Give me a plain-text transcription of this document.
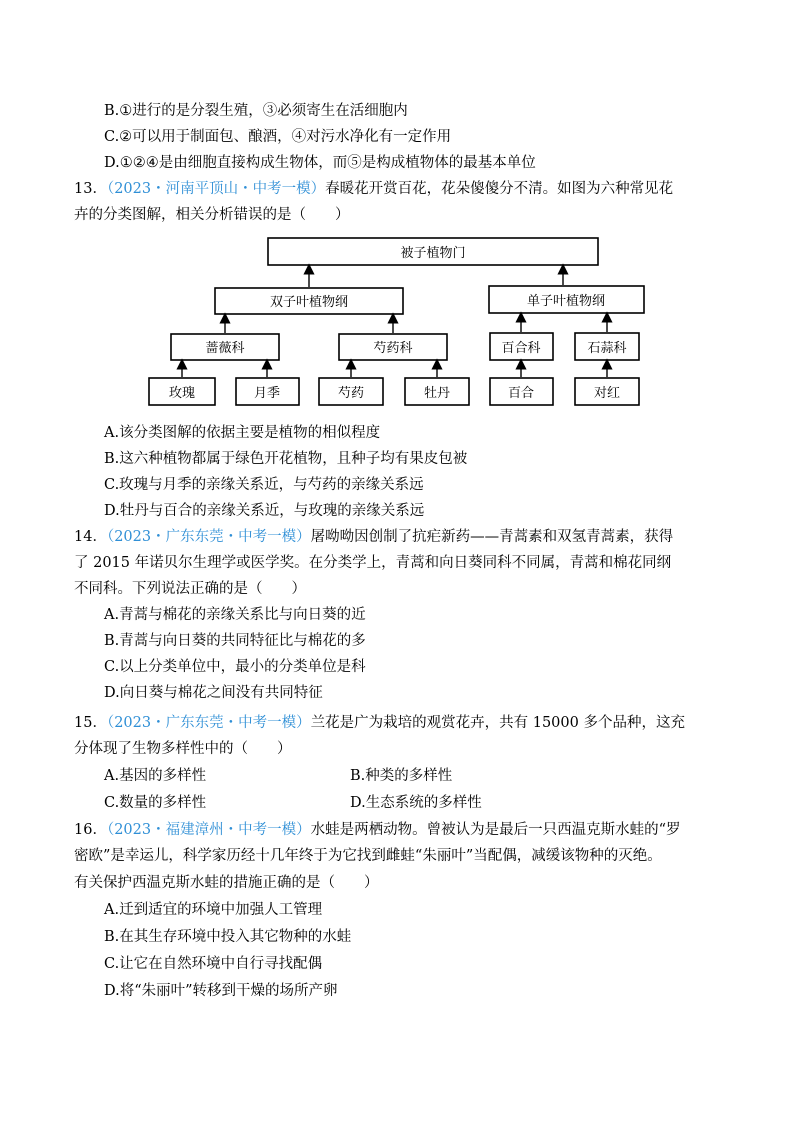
B.①进行的是分裂生殖，③必须寄生在活细胞内
C.②可以用于制面包、酿酒，④对污水净化有一定作用
D.①②④是由细胞直接构成生物体，而⑤是构成植物体的最基本单位
13．（2023・河南平顶山・中考一模）春暖花开赏百花，花朵傻傻分不清。如图为六种常见花
卉的分类图解，相关分析错误的是（　　）
被子植物门
双子叶植物纲	单子叶植物纲
蔷薇科	芍药科	百合科	石蒜科
玫瑰	月季	芍药	牡丹	百合	对红
A.该分类图解的依据主要是植物的相似程度
B.这六种植物都属于绿色开花植物，且种子均有果皮包被
C.玫瑰与月季的亲缘关系近，与芍药的亲缘关系远
D.牡丹与百合的亲缘关系近，与玫瑰的亲缘关系远
14．（2023・广东东莞・中考一模）屠呦呦因创制了抗疟新药——青蒿素和双氢青蒿素，获得
了 2015 年诺贝尔生理学或医学奖。在分类学上，青蒿和向日葵同科不同属，青蒿和棉花同纲
不同科。下列说法正确的是（　　）
A.青蒿与棉花的亲缘关系比与向日葵的近
B.青蒿与向日葵的共同特征比与棉花的多
C.以上分类单位中，最小的分类单位是科
D.向日葵与棉花之间没有共同特征
15．（2023・广东东莞・中考一模）兰花是广为栽培的观赏花卉，共有 15000 多个品种，这充
分体现了生物多样性中的（　　）
A.基因的多样性	B.种类的多样性
C.数量的多样性	D.生态系统的多样性
16．（2023・福建漳州・中考一模）水蛙是两栖动物。曾被认为是最后一只西温克斯水蛙的“罗
密欧”是幸运儿，科学家历经十几年终于为它找到雌蛙“朱丽叶”当配偶，减缓该物种的灭绝。
有关保护西温克斯水蛙的措施正确的是（　　）
A.迁到适宜的环境中加强人工管理
B.在其生存环境中投入其它物种的水蛙
C.让它在自然环境中自行寻找配偶
D.将“朱丽叶”转移到干燥的场所产卵
